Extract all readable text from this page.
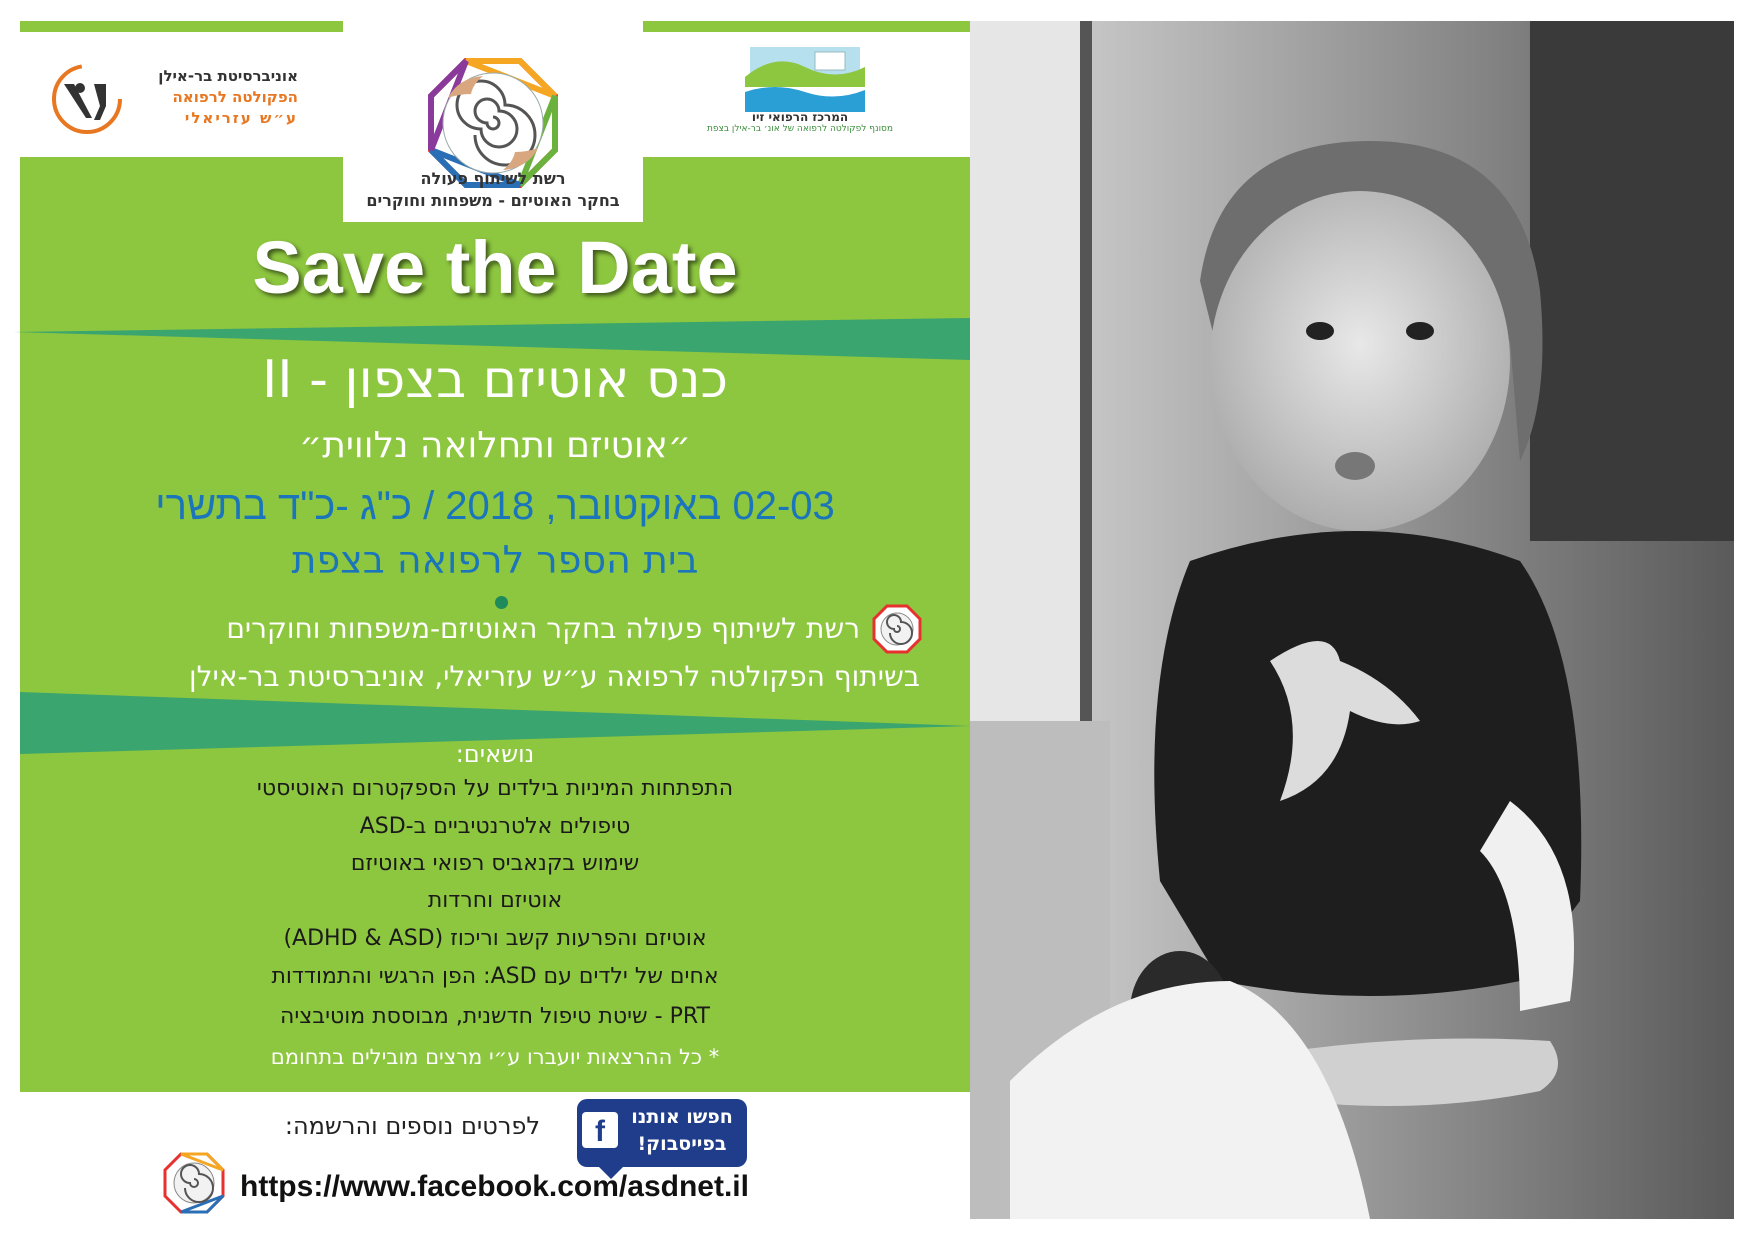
רשת לשיתוף פעולה
בחקר האוטיזם - משפחות וחוקרים
אוניברסיטת בר-אילן
הפקולטה לרפואה
ע״ש עזריאלי	המרכז הרפואי זיו
מסונף לפקולטה לרפואה של אונ׳ בר-אילן בצפת
Save the Date
כנס אוטיזם בצפון - II
״אוטיזם ותחלואה נלווית״
02-03 באוקטובר, 2018 / כ"ג -כ"ד בתשרי
בית הספר לרפואה בצפת
רשת לשיתוף פעולה בחקר האוטיזם-משפחות וחוקרים
בשיתוף הפקולטה לרפואה ע״ש עזריאלי, אוניברסיטת בר-אילן
נושאים:
התפתחות המיניות בילדים על הספקטרום האוטיסטי
טיפולים אלטרנטיביים ב-ASD
שימוש בקנאביס רפואי באוטיזם
אוטיזם וחרדות
אוטיזם והפרעות קשב וריכוז (ADHD & ASD)
אחים של ילדים עם ASD: הפן הרגשי והתמודדות
PRT - שיטת טיפול חדשנית, מבוססת מוטיבציה
* כל ההרצאות יועברו ע״י מרצים מובילים בתחומם
לפרטים נוספים והרשמה:	f	חפשו אותנו
בפייסבוק!
https://www.facebook.com/asdnet.il
